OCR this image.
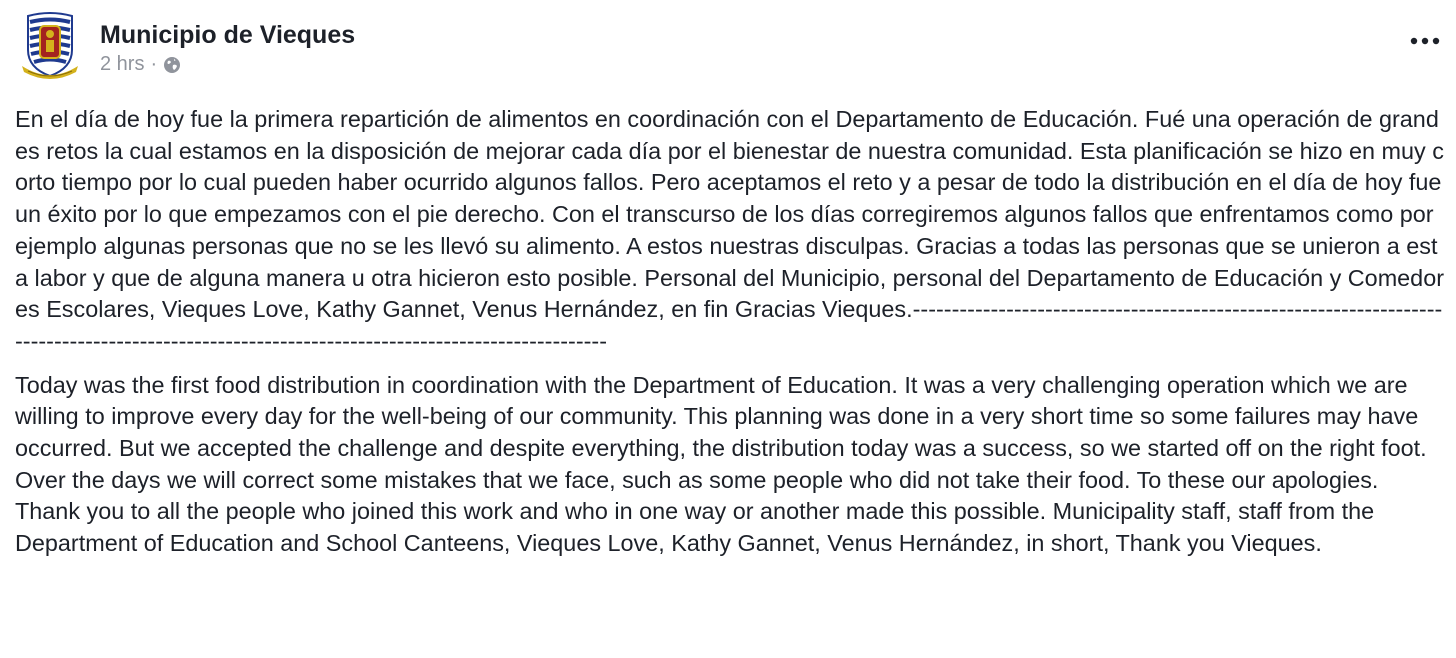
Municipio de Vieques
2 hrs ·

En el día de hoy fue la primera repartición de alimentos en coordinación con el Departamento de Educación. Fué una operación de grandes retos la cual estamos en la disposición de mejorar cada día por el bienestar de nuestra comunidad. Esta planificación se hizo en muy corto tiempo por lo cual pueden haber ocurrido algunos fallos. Pero aceptamos el reto y a pesar de todo la distribución en el día de hoy fue un éxito por lo que empezamos con el pie derecho. Con el transcurso de los días corregiremos algunos fallos que enfrentamos como por ejemplo algunas personas que no se les llevó su alimento. A estos nuestras disculpas. Gracias a todas las personas que se unieron a esta labor y que de alguna manera u otra hicieron esto posible. Personal del Municipio, personal del Departamento de Educación y Comedores Escolares, Vieques Love, Kathy Gannet, Venus Hernández, en fin Gracias Vieques.------------------------------------------------------------------------------------------------------------------------------------------------

Today was the first food distribution in coordination with the Department of Education. It was a very challenging operation which we are willing to improve every day for the well-being of our community. This planning was done in a very short time so some failures may have occurred. But we accepted the challenge and despite everything, the distribution today was a success, so we started off on the right foot. Over the days we will correct some mistakes that we face, such as some people who did not take their food. To these our apologies.

Thank you to all the people who joined this work and who in one way or another made this possible. Municipality staff, staff from the Department of Education and School Canteens, Vieques Love, Kathy Gannet, Venus Hernández, in short, Thank you Vieques.
